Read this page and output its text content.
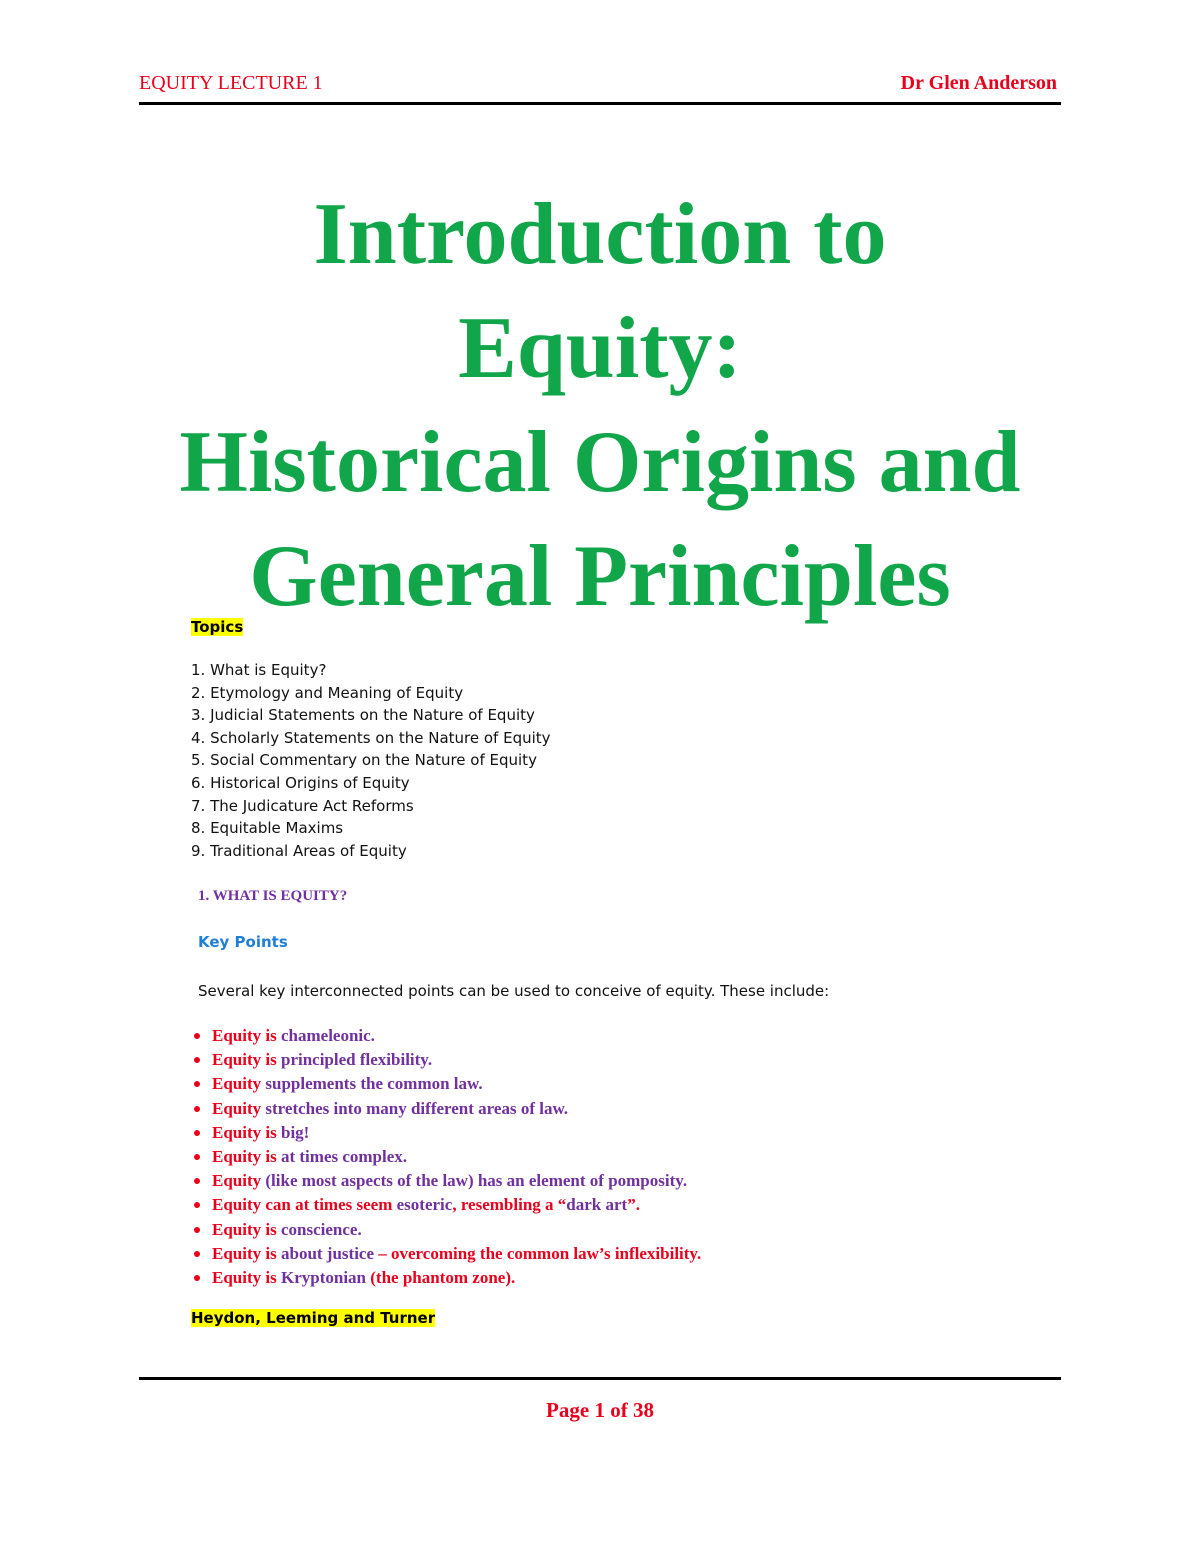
EQUITY LECTURE 1	Dr Glen Anderson
Introduction to
Equity:
Historical Origins and
General Principles
Topics
1. What is Equity?
2. Etymology and Meaning of Equity
3. Judicial Statements on the Nature of Equity
4. Scholarly Statements on the Nature of Equity
5. Social Commentary on the Nature of Equity
6. Historical Origins of Equity
7. The Judicature Act Reforms
8. Equitable Maxims
9. Traditional Areas of Equity
1. WHAT IS EQUITY?
Key Points
Several key interconnected points can be used to conceive of equity. These include:
Equity is chameleonic.
Equity is principled flexibility.
Equity supplements the common law.
Equity stretches into many different areas of law.
Equity is big!
Equity is at times complex.
Equity (like most aspects of the law) has an element of pomposity.
Equity can at times seem esoteric, resembling a “dark art”.
Equity is conscience.
Equity is about justice – overcoming the common law’s inflexibility.
Equity is Kryptonian (the phantom zone).
Heydon, Leeming and Turner
Page 1 of 38
